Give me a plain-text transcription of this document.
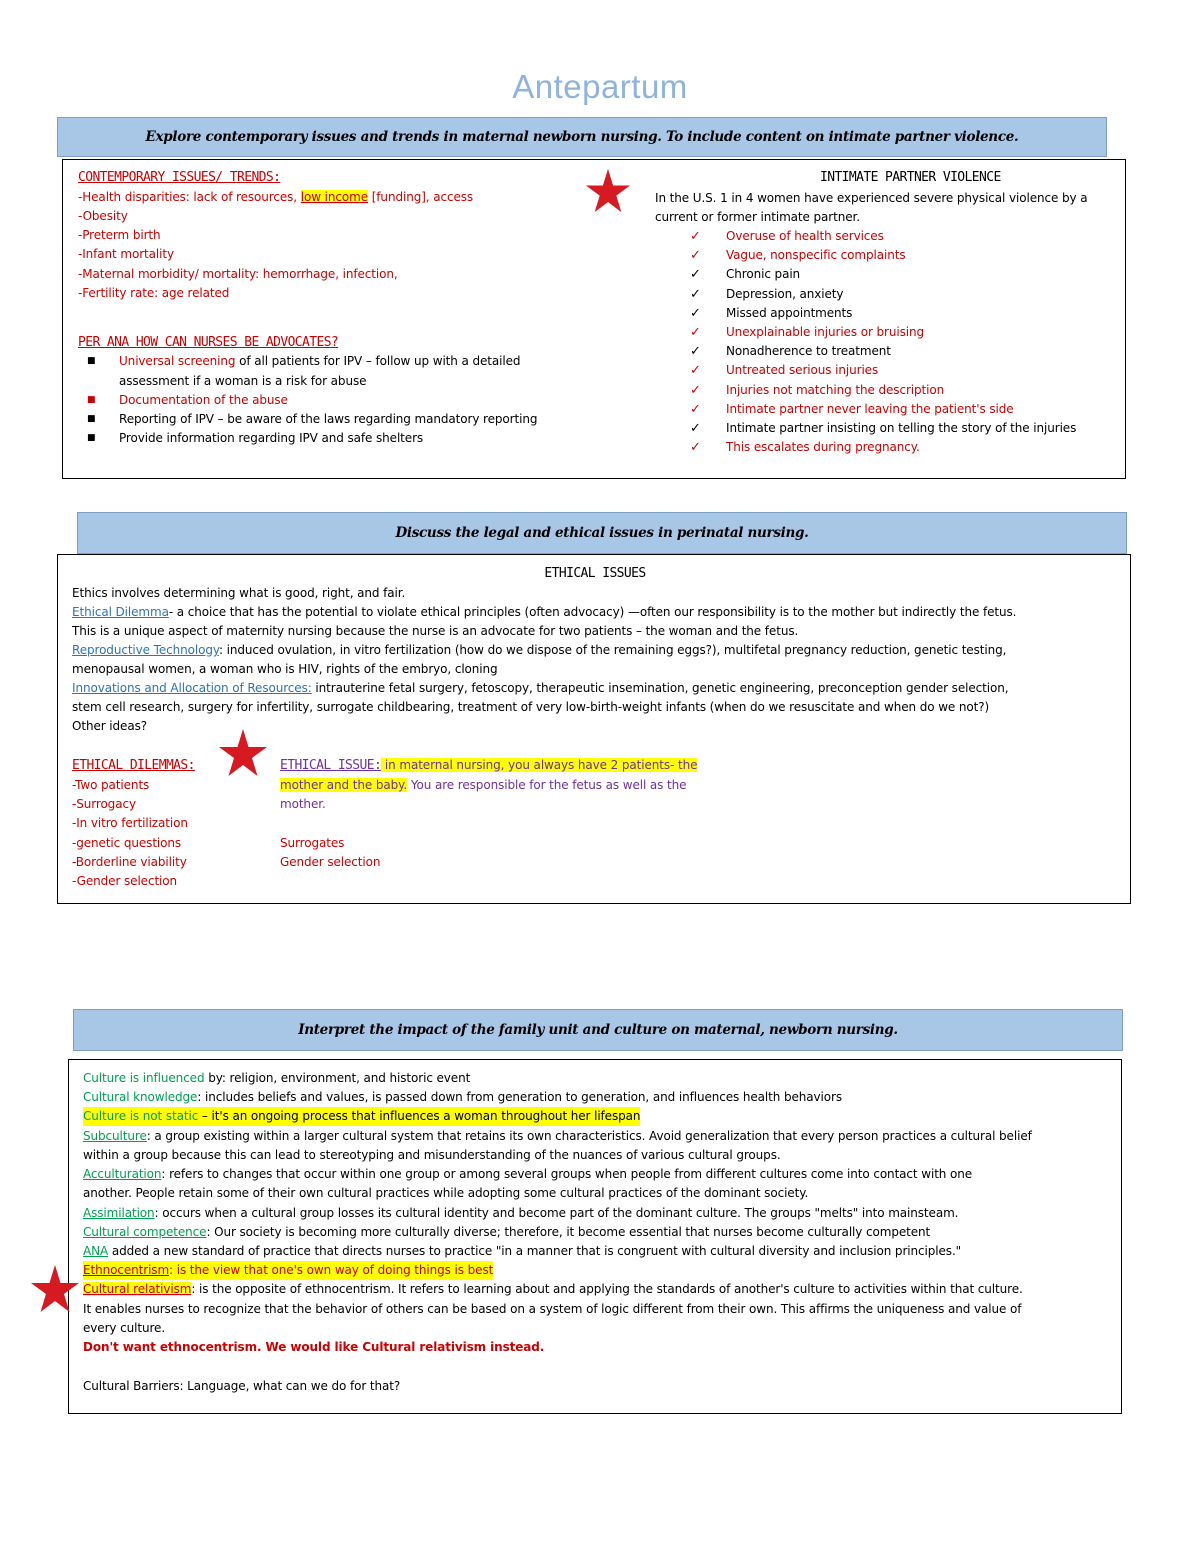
Antepartum
Explore contemporary issues and trends in maternal newborn nursing. To include content on intimate partner violence.
CONTEMPORARY ISSUES/ TRENDS:
-Health disparities: lack of resources, low income [funding], access
-Obesity
-Preterm birth
-Infant mortality
-Maternal morbidity/ mortality: hemorrhage, infection,
-Fertility rate: age related
PER ANA HOW CAN NURSES BE ADVOCATES?
■ Universal screening of all patients for IPV – follow up with a detailed
assessment if a woman is a risk for abuse
■ Documentation of the abuse
■ Reporting of IPV – be aware of the laws regarding mandatory reporting
■ Provide information regarding IPV and safe shelters
INTIMATE PARTNER VIOLENCE
In the U.S. 1 in 4 women have experienced severe physical violence by a
current or former intimate partner.
✓ Overuse of health services
✓ Vague, nonspecific complaints
✓ Chronic pain
✓ Depression, anxiety
✓ Missed appointments
✓ Unexplainable injuries or bruising
✓ Nonadherence to treatment
✓ Untreated serious injuries
✓ Injuries not matching the description
✓ Intimate partner never leaving the patient's side
✓ Intimate partner insisting on telling the story of the injuries
✓ This escalates during pregnancy.
Discuss the legal and ethical issues in perinatal nursing.
ETHICAL ISSUES
Ethics involves determining what is good, right, and fair.
Ethical Dilemma- a choice that has the potential to violate ethical principles (often advocacy) —often our responsibility is to the mother but indirectly the fetus.
This is a unique aspect of maternity nursing because the nurse is an advocate for two patients – the woman and the fetus.
Reproductive Technology: induced ovulation, in vitro fertilization (how do we dispose of the remaining eggs?), multifetal pregnancy reduction, genetic testing,
menopausal women, a woman who is HIV, rights of the embryo, cloning
Innovations and Allocation of Resources: intrauterine fetal surgery, fetoscopy, therapeutic insemination, genetic engineering, preconception gender selection,
stem cell research, surgery for infertility, surrogate childbearing, treatment of very low-birth-weight infants (when do we resuscitate and when do we not?)
Other ideas?
ETHICAL DILEMMAS:
-Two patients
-Surrogacy
-In vitro fertilization
-genetic questions
-Borderline viability
-Gender selection
ETHICAL ISSUE: in maternal nursing, you always have 2 patients- the
mother and the baby. You are responsible for the fetus as well as the
mother.
Surrogates
Gender selection
Interpret the impact of the family unit and culture on maternal, newborn nursing.
Culture is influenced by: religion, environment, and historic event
Cultural knowledge: includes beliefs and values, is passed down from generation to generation, and influences health behaviors
Culture is not static – it's an ongoing process that influences a woman throughout her lifespan
Subculture: a group existing within a larger cultural system that retains its own characteristics. Avoid generalization that every person practices a cultural belief
within a group because this can lead to stereotyping and misunderstanding of the nuances of various cultural groups.
Acculturation: refers to changes that occur within one group or among several groups when people from different cultures come into contact with one
another. People retain some of their own cultural practices while adopting some cultural practices of the dominant society.
Assimilation: occurs when a cultural group losses its cultural identity and become part of the dominant culture. The groups "melts" into mainsteam.
Cultural competence: Our society is becoming more culturally diverse; therefore, it become essential that nurses become culturally competent
ANA added a new standard of practice that directs nurses to practice "in a manner that is congruent with cultural diversity and inclusion principles."
Ethnocentrism: is the view that one's own way of doing things is best
Cultural relativism: is the opposite of ethnocentrism. It refers to learning about and applying the standards of another's culture to activities within that culture.
It enables nurses to recognize that the behavior of others can be based on a system of logic different from their own. This affirms the uniqueness and value of
every culture.
Don't want ethnocentrism. We would like Cultural relativism instead.
Cultural Barriers: Language, what can we do for that?
